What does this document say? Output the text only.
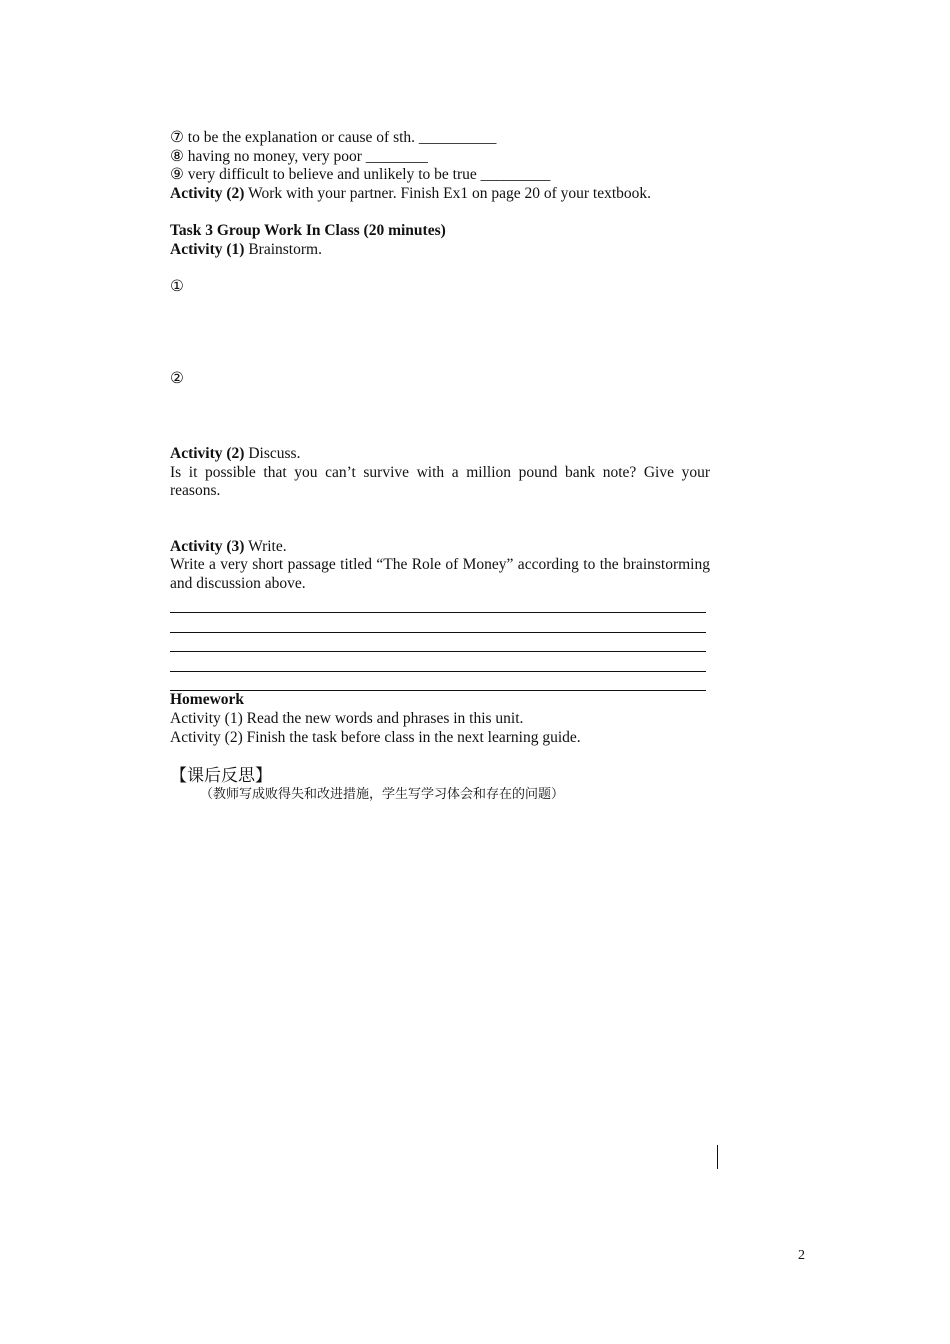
⑦ to be the explanation or cause of sth. __________
⑧ having no money, very poor ________
⑨ very difficult to believe and unlikely to be true _________
Activity (2) Work with your partner. Finish Ex1 on page 20 of your textbook.
Task 3 Group Work In Class (20 minutes)
Activity (1) Brainstorm.
①
②
Activity (2) Discuss.
Is it possible that you can’t survive with a million pound bank note? Give your reasons.
Activity (3) Write.
Write a very short passage titled “The Role of Money” according to the brainstorming and discussion above.
Homework
Activity (1) Read the new words and phrases in this unit.
Activity (2) Finish the task before class in the next learning guide.
【课后反思】
（教师写成败得失和改进措施，学生写学习体会和存在的问题）
2
